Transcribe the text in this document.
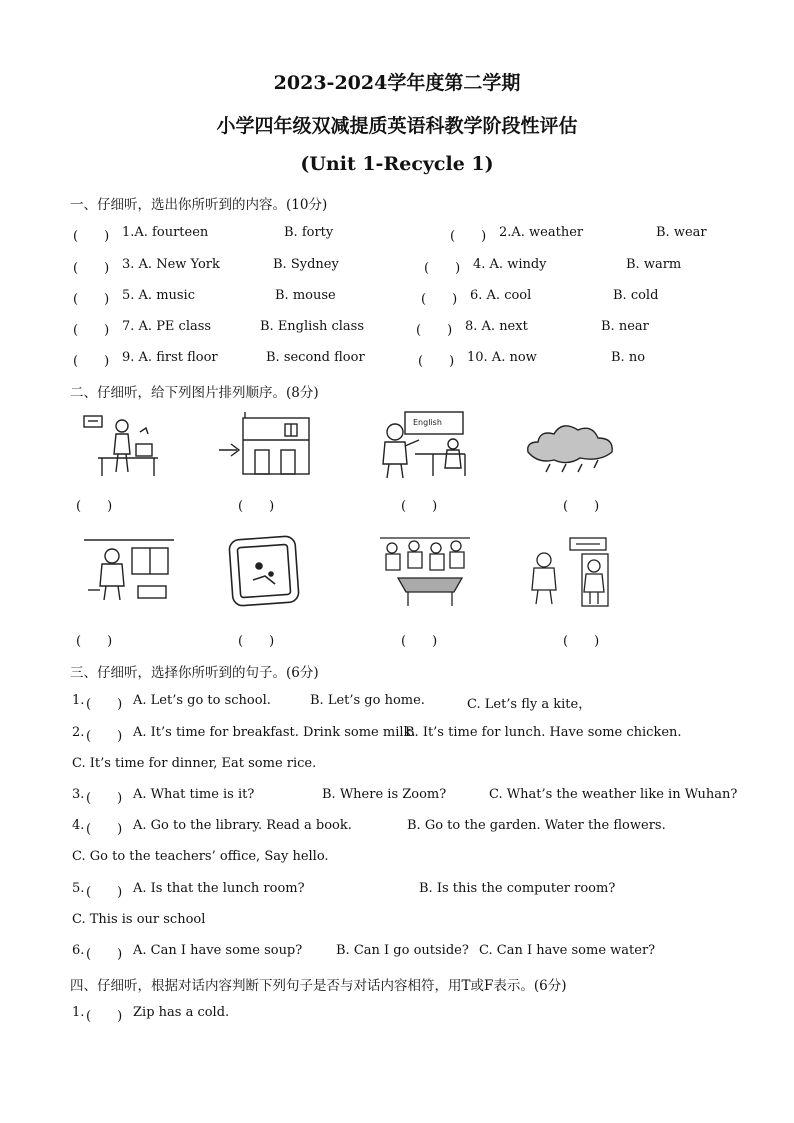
2023-2024学年度第二学期
小学四年级双减提质英语科教学阶段性评估
(Unit 1-Recycle 1)
一、仔细听，选出你所听到的内容。(10分)
(　　) 1.A. fourteen	B. forty	(　　) 2.A. weather	B. wear
(　　) 3. A. New York	B. Sydney	(　　) 4. A. windy	B. warm
(　　) 5. A. music	B. mouse	(　　) 6. A. cool	B. cold
(　　) 7. A. PE class	B. English class	(　　) 8. A. next	B. near
(　　) 9. A. first floor	B. second floor	(　　) 10. A. now	B. no
二、仔细听，给下列图片排列顺序。(8分)
English
(　　)	(　　)	(　　)	(　　)
(　　)	(　　)	(　　)	(　　)
三、仔细听，选择你所听到的句子。(6分)
1. (　　) A. Let’s go to school.	B. Let’s go home.	C. Let’s fly a kite，
2. (　　) A. It’s time for breakfast. Drink some milk.
B. It’s time for lunch. Have some chicken.
C. It’s time for dinner, Eat some rice.
3. (　　) A. What time is it?	B. Where is Zoom?	C. What’s the weather like in Wuhan?
4. (　　) A. Go to the library. Read a book.	B. Go to the garden. Water the flowers.
C. Go to the teachers’ office, Say hello.
5. (　　) A. Is that the lunch room?	B. Is this the computer room?
C. This is our school
6. (　　) A. Can I have some soup?	B. Can I go outside? C. Can I have some water?
四、仔细听，根据对话内容判断下列句子是否与对话内容相符，用T或F表示。(6分)
1. (　　) Zip has a cold.
